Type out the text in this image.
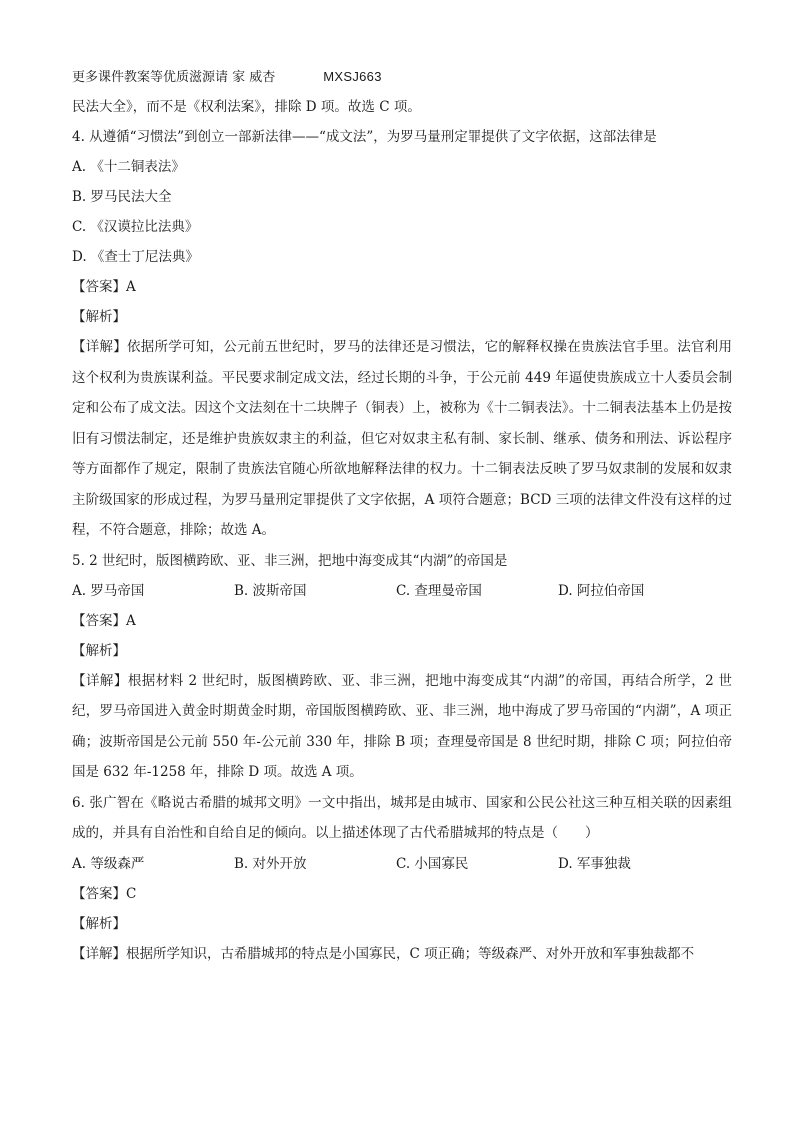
更多课件教案等优质滋源请 家 威杏	MXSJ663
民法大全》，而不是《权利法案》，排除 D 项。故选 C 项。
4. 从遵循“习惯法”到创立一部新法律——“成文法”，为罗马量刑定罪提供了文字依据，这部法律是
A. 《十二铜表法》
B. 罗马民法大全
C. 《汉谟拉比法典》
D. 《查士丁尼法典》
【答案】A
【解析】
【详解】依据所学可知，公元前五世纪时，罗马的法律还是习惯法，它的解释权操在贵族法官手里。法官利用这个权利为贵族谋利益。平民要求制定成文法，经过长期的斗争，于公元前 449 年逼使贵族成立十人委员会制定和公布了成文法。因这个文法刻在十二块牌子（铜表）上，被称为《十二铜表法》。十二铜表法基本上仍是按旧有习惯法制定，还是维护贵族奴隶主的利益，但它对奴隶主私有制、家长制、继承、债务和刑法、诉讼程序等方面都作了规定，限制了贵族法官随心所欲地解释法律的权力。十二铜表法反映了罗马奴隶制的发展和奴隶主阶级国家的形成过程，为罗马量刑定罪提供了文字依据，A 项符合题意；BCD 三项的法律文件没有这样的过程，不符合题意，排除；故选 A。
5. 2 世纪时，版图横跨欧、亚、非三洲，把地中海变成其“内湖”的帝国是
A. 罗马帝国	B. 波斯帝国	C. 查理曼帝国	D. 阿拉伯帝国
【答案】A
【解析】
【详解】根据材料 2 世纪时，版图横跨欧、亚、非三洲，把地中海变成其“内湖”的帝国，再结合所学，2 世纪，罗马帝国进入黄金时期黄金时期，帝国版图横跨欧、亚、非三洲，地中海成了罗马帝国的“内湖”，A 项正确；波斯帝国是公元前 550 年-公元前 330 年，排除 B 项；查理曼帝国是 8 世纪时期，排除 C 项；阿拉伯帝国是 632 年-1258 年，排除 D 项。故选 A 项。
6. 张广智在《略说古希腊的城邦文明》一文中指出，城邦是由城市、国家和公民公社这三种互相关联的因素组成的，并具有自治性和自给自足的倾向。以上描述体现了古代希腊城邦的特点是（　　）
A. 等级森严	B. 对外开放	C. 小国寡民	D. 军事独裁
【答案】C
【解析】
【详解】根据所学知识，古希腊城邦的特点是小国寡民，C 项正确；等级森严、对外开放和军事独裁都不
